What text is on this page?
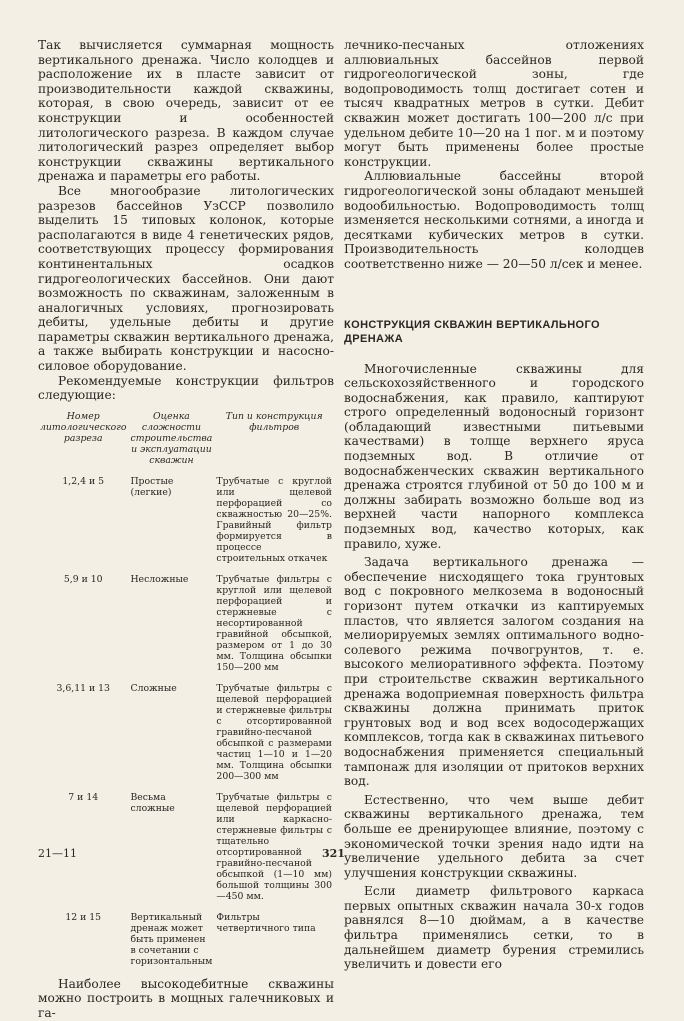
Так вычисляется суммарная мощность вертикального дренажа. Число колодцев и расположение их в пласте зависит от производительности каждой скважины, которая, в свою очередь, зависит от ее конструкции и особенностей литологического разреза. В каждом случае литологический разрез определяет выбор конструкции скважины вертикального дренажа и параметры его работы.

Все многообразие литологических разрезов бассейнов УзССР позволило выделить 15 типовых колонок, которые располагаются в виде 4 генетических рядов, соответствующих процессу формирования континентальных осадков гидрогеологических бассейнов. Они дают возможность по скважинам, заложенным в аналогичных условиях, прогнозировать дебиты, удельные дебиты и другие параметры скважин вертикального дренажа, а также выбирать конструкции и насосно-силовое оборудование.

Рекомендуемые конструкции фильтров следующие:

Номер литологического разреза	Оценка сложности строительства и эксплуатации скважин	Тип и конструкция фильтров
1,2,4 и 5	Простые (легкие)	Трубчатые с круглой или щелевой перфорацией со скважностью 20—25%. Гравийный фильтр формируется в процессе строительных откачек
5,9 и 10	Несложные	Трубчатые фильтры с круглой или щелевой перфорацией и стержневые с несортированной гравийной обсыпкой, размером от 1 до 30 мм. Толщина обсыпки 150—200 мм
3,6,11 и 13	Сложные	Трубчатые фильтры с щелевой перфорацией и стержневые фильтры с отсортированной гравийно-песчаной обсыпкой с размерами частиц 1—10 и 1—20 мм. Толщина обсыпки 200—300 мм
7 и 14	Весьма сложные	Трубчатые фильтры с щелевой перфорацией или каркасно-стержневые фильтры с тщательно отсортированной гравийно-песчаной обсыпкой (1—10 мм) большой толщины 300—450 мм.
12 и 15	Вертикальный дренаж может быть применен в сочетании с горизонтальным	Фильтры четвертичного типа

Наиболее высокодебитные скважины можно построить в мощных галечниковых и га-

лечнико-песчаных отложениях аллювиальных бассейнов первой гидрогеологической зоны, где водопроводимость толщ достигает сотен и тысяч квадратных метров в сутки. Дебит скважин может достигать 100—200 л/с при удельном дебите 10—20 на 1 пог. м и поэтому могут быть применены более простые конструкции.

Аллювиальные бассейны второй гидрогеологической зоны обладают меньшей водообильностью. Водопроводимость толщ изменяется несколькими сотнями, а иногда и десятками кубических метров в сутки. Производительность колодцев соответственно ниже — 20—50 л/сек и менее.

КОНСТРУКЦИЯ СКВАЖИН ВЕРТИКАЛЬНОГО ДРЕНАЖА

Многочисленные скважины для сельскохозяйственного и городского водоснабжения, как правило, каптируют строго определенный водоносный горизонт (обладающий известными питьевыми качествами) в толще верхнего яруса подземных вод. В отличие от водоснабженческих скважин вертикального дренажа строятся глубиной от 50 до 100 м и должны забирать возможно больше вод из верхней части напорного комплекса подземных вод, качество которых, как правило, хуже.

Задача вертикального дренажа — обеспечение нисходящего тока грунтовых вод с покровного мелкозема в водоносный горизонт путем откачки из каптируемых пластов, что является залогом создания на мелиорируемых землях оптимального водно-солевого режима почвогрунтов, т. е. высокого мелиоративного эффекта. Поэтому при строительстве скважин вертикального дренажа водоприемная поверхность фильтра скважины должна принимать приток грунтовых вод и вод всех водосодержащих комплексов, тогда как в скважинах питьевого водоснабжения применяется специальный тампонаж для изоляции от притоков верхних вод.

Естественно, что чем выше дебит скважины вертикального дренажа, тем больше ее дренирующее влияние, поэтому с экономической точки зрения надо идти на увеличение удельного дебита за счет улучшения конструкции скважины.

Если диаметр фильтрового каркаса первых опытных скважин начала 30-х годов равнялся 8—10 дюймам, а в качестве фильтра применялись сетки, то в дальнейшем диаметр бурения стремились увеличить и довести его

21—11	321
